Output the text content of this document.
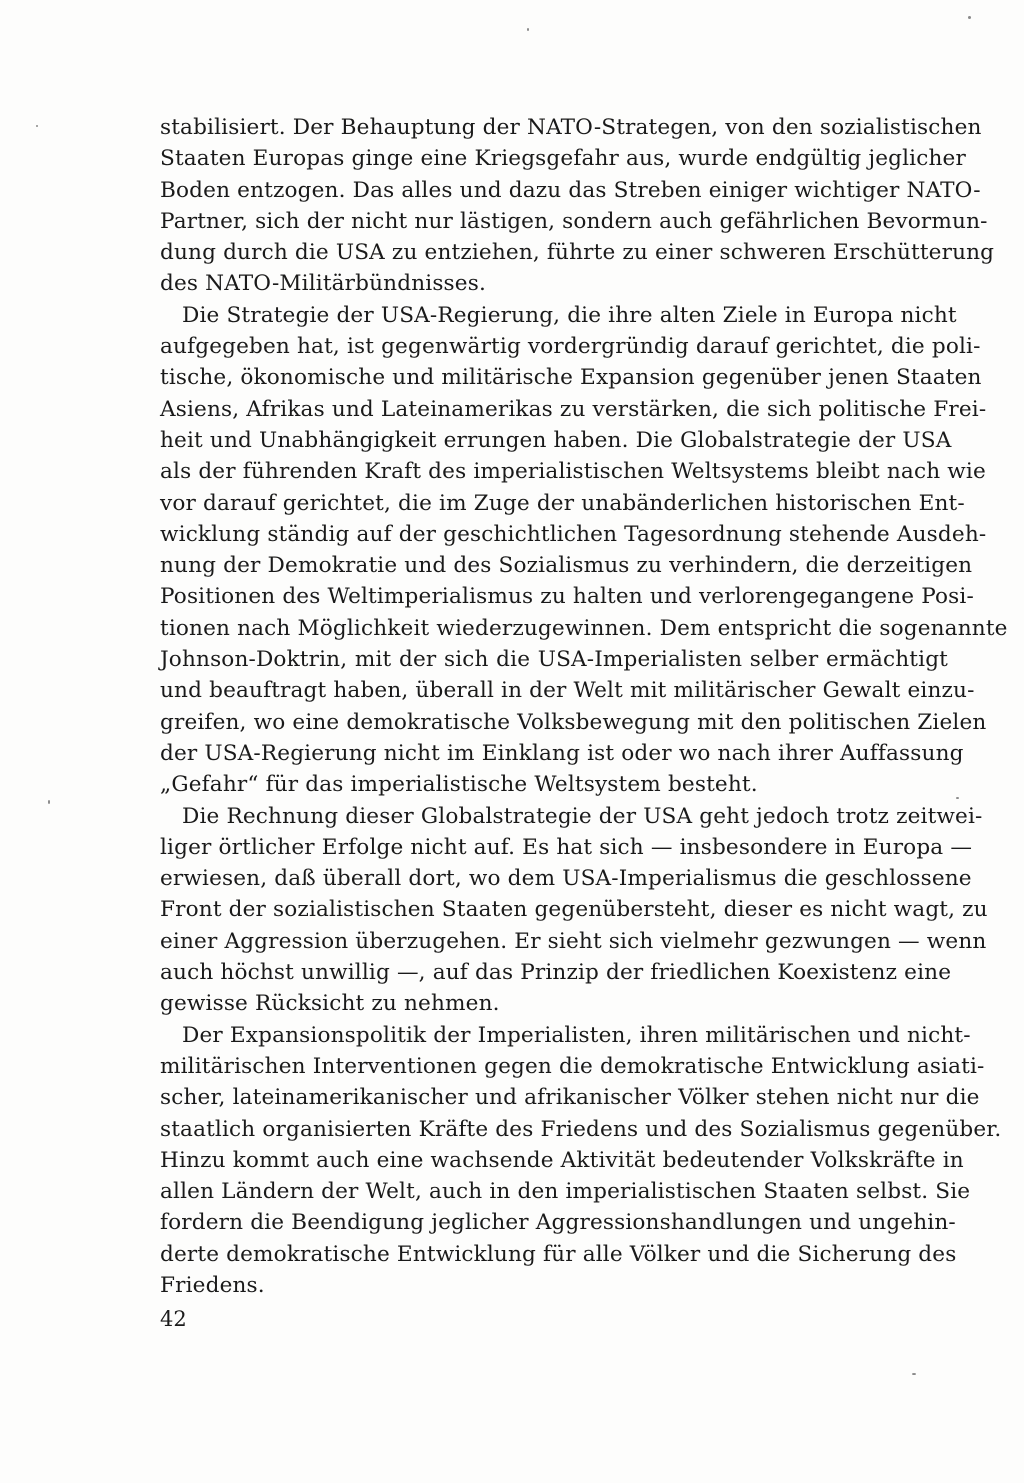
stabilisiert. Der Behauptung der NATO-Strategen, von den sozialistischen
Staaten Europas ginge eine Kriegsgefahr aus, wurde endgültig jeglicher
Boden entzogen. Das alles und dazu das Streben einiger wichtiger NATO-
Partner, sich der nicht nur lästigen, sondern auch gefährlichen Bevormun-
dung durch die USA zu entziehen, führte zu einer schweren Erschütterung
des NATO-Militärbündnisses.
Die Strategie der USA-Regierung, die ihre alten Ziele in Europa nicht
aufgegeben hat, ist gegenwärtig vordergründig darauf gerichtet, die poli-
tische, ökonomische und militärische Expansion gegenüber jenen Staaten
Asiens, Afrikas und Lateinamerikas zu verstärken, die sich politische Frei-
heit und Unabhängigkeit errungen haben. Die Globalstrategie der USA
als der führenden Kraft des imperialistischen Weltsystems bleibt nach wie
vor darauf gerichtet, die im Zuge der unabänderlichen historischen Ent-
wicklung ständig auf der geschichtlichen Tagesordnung stehende Ausdeh-
nung der Demokratie und des Sozialismus zu verhindern, die derzeitigen
Positionen des Weltimperialismus zu halten und verlorengegangene Posi-
tionen nach Möglichkeit wiederzugewinnen. Dem entspricht die sogenannte
Johnson-Doktrin, mit der sich die USA-Imperialisten selber ermächtigt
und beauftragt haben, überall in der Welt mit militärischer Gewalt einzu-
greifen, wo eine demokratische Volksbewegung mit den politischen Zielen
der USA-Regierung nicht im Einklang ist oder wo nach ihrer Auffassung
„Gefahr“ für das imperialistische Weltsystem besteht.
Die Rechnung dieser Globalstrategie der USA geht jedoch trotz zeitwei-
liger örtlicher Erfolge nicht auf. Es hat sich — insbesondere in Europa —
erwiesen, daß überall dort, wo dem USA-Imperialismus die geschlossene
Front der sozialistischen Staaten gegenübersteht, dieser es nicht wagt, zu
einer Aggression überzugehen. Er sieht sich vielmehr gezwungen — wenn
auch höchst unwillig —, auf das Prinzip der friedlichen Koexistenz eine
gewisse Rücksicht zu nehmen.
Der Expansionspolitik der Imperialisten, ihren militärischen und nicht-
militärischen Interventionen gegen die demokratische Entwicklung asiati-
scher, lateinamerikanischer und afrikanischer Völker stehen nicht nur die
staatlich organisierten Kräfte des Friedens und des Sozialismus gegenüber.
Hinzu kommt auch eine wachsende Aktivität bedeutender Volkskräfte in
allen Ländern der Welt, auch in den imperialistischen Staaten selbst. Sie
fordern die Beendigung jeglicher Aggressionshandlungen und ungehin-
derte demokratische Entwicklung für alle Völker und die Sicherung des
Friedens.
42
